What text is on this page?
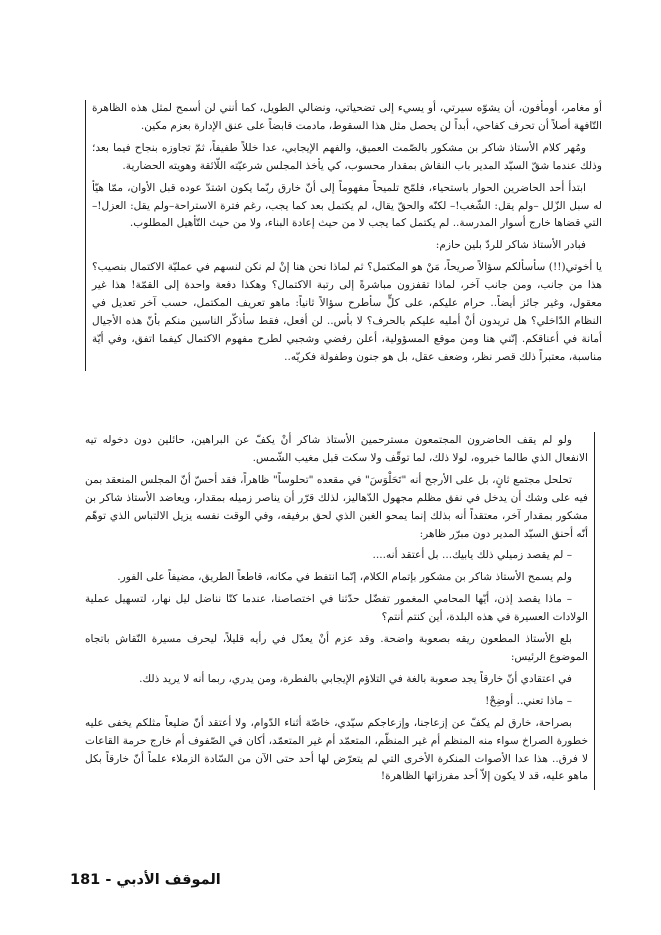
أو مغامر، أومأفون، أن يشوّه سيرتي، أو يسيء إلى تضحياتي، ونضالي الطويل، كما أنني لن أسمح لمثل هذه الظاهرة التّافهة أصلاً أن تحرف كفاحي، أبداً لن يحصل مثل هذا السقوط، مادمت قابضاً على عنق الإدارة بعزم مكين.

ومُهر كلام الأستاذ شاكر بن مشكور بالصّمت العميق، والفهم الإيجابي، عدا خللاً طفيفاً، ثمّ تجاوزه بنجاح فيما بعد؛ وذلك عندما شقّ السيّد المدير باب النقاش بمقدار محسوب، كي يأخذ المجلس شرعيّته اللّائقة وهويته الحضارية.

ابتدأ أحد الحاضرين الحوار باستحياء، فلمّح تلميحاً مفهوماً إلى أنّ خارق ربّما يكون اشتدّ عوده قبل الأوان، ممّا هيّأ له سبل الزّلل –ولم يقل: الشّغب!– لكنّه والحقّ يقال، لم يكتمل بعد كما يجب، رغم فترة الاستراحة–ولم يقل: العزل!– التي قضاها خارج أسوار المدرسة.. لم يكتمل كما يجب لا من حيث إعادة البناء، ولا من حيث التّأهيل المطلوب.

فبادر الأستاذ شاكر للردّ بلين حازم:

يا أخوتي(!!) سأسألكم سؤالاً صريحاً، مَنْ هو المكتمل؟ ثم لماذا نحن هنا إنْ لم نكن لنسهم في عمليّة الاكتمال بنصيب؟ هذا من جانب، ومن جانب آخر، لماذا تقفزون مباشرةً إلى رتبة الاكتمال؟ وهكذا دفعة واحدة إلى القمّة! هذا غير معقول، وغير جائز أيضاً.. حرام عليكم، على كلٍّ سأطرح سؤالاً ثانياً: ماهو تعريف المكتمل، حسب آخر تعديل في النظام الدّاخلي؟ هل تريدون أنْ أمليه عليكم بالحرف؟ لا بأس.. لن أفعل، فقط سأذكّر الناسين منكم بأنّ هذه الأجيال أمانة في أعناقكم. إنّني هنا ومن موقع المسؤولية، أعلن رفضي وشجبي لطرح مفهوم الاكتمال كيفما اتفق، وفي أيّة مناسبة، معتبراً ذلك قصر نظر، وضعف عقل، بل هو جنون وطفولة فكريّه..

ولو لم يقف الحاضرون المجتمعون مسترحمين الأستاذ شاكر أنْ يكفّ عن البراهين، حائلين دون دخوله تيه الانفعال الذي طالما خبروه، لولا ذلك، لما توقّف ولا سكت قبل مغيب الشّمس.

تحلحل مجتمع ثانٍ، بل على الأرجح أنه "تَحَلْوَسَ" في مقعده "تحلوساً" ظاهراً، فقد أحسّ أنّ المجلس المنعقد بمن فيه على وشك أن يدخل في نفق مظلم مجهول الدّهاليز، لذلك قرّر أن يناصر زميله بمقدار، ويعاضد الأستاذ شاكر بن مشكور بمقدار آخر، معتقداً أنه بذلك إنما يمحو الغبن الذي لحق برفيقه، وفي الوقت نفسه يزيل الالتباس الذي توهّم أنّه أحنق السيّد المدير دون مبرّر ظاهر:

– لم يقصد زميلي ذلك يابيك... بل أعتقد أنه....

ولم يسمح الأستاذ شاكر بن مشكور بإتمام الكلام، إنّما انتفط في مكانه، قاطعاً الطريق، مضيفاً على الفور.

– ماذا يقصد إذن، أيّها المحامي المغمور تفضّل حدّثنا في اختصاصنا، عندما كنّا نناضل ليل نهار، لتسهيل عملية الولادات العسيرة في هذه البلدة، أين كنتم أنتم؟

بلع الأستاذ المطعون ريقه بصعوبة واضحة. وقد عزم أنْ يعدّل في رأيه قليلاً، ليحرف مسيرة النّقاش باتجاه الموضوع الرئيس:

في اعتقادي أنّ خارقاً يجد صعوبة بالغة في التلاؤم الإيجابي بالفطرة، ومن يدري، ربما أنه لا يريد ذلك.

– ماذا تعني.. أوضِحْ!

بصراحة، خارق لم يكفّ عن إزعاجنا، وإزعاجكم سيّدي، خاصّة أثناء الدّوام، ولا أعتقد أنّ ضليعاً مثلكم يخفى عليه خطورة الصراخ سواء منه المنظم أم غير المنظّم، المتعمّد أم غير المتعمّد، أكان في الصّفوف أم خارج حرمة القاعات لا فرق.. هذا عدا الأصوات المنكرة الأخرى التي لم يتعرّض لها أحد حتى الآن من السّادة الزملاء علماً أنّ خارقاً بكل ماهو عليه، قد لا يكون إلاّ أحد مفرزاتها الظاهرة!

الموقف الأدبي - 181
